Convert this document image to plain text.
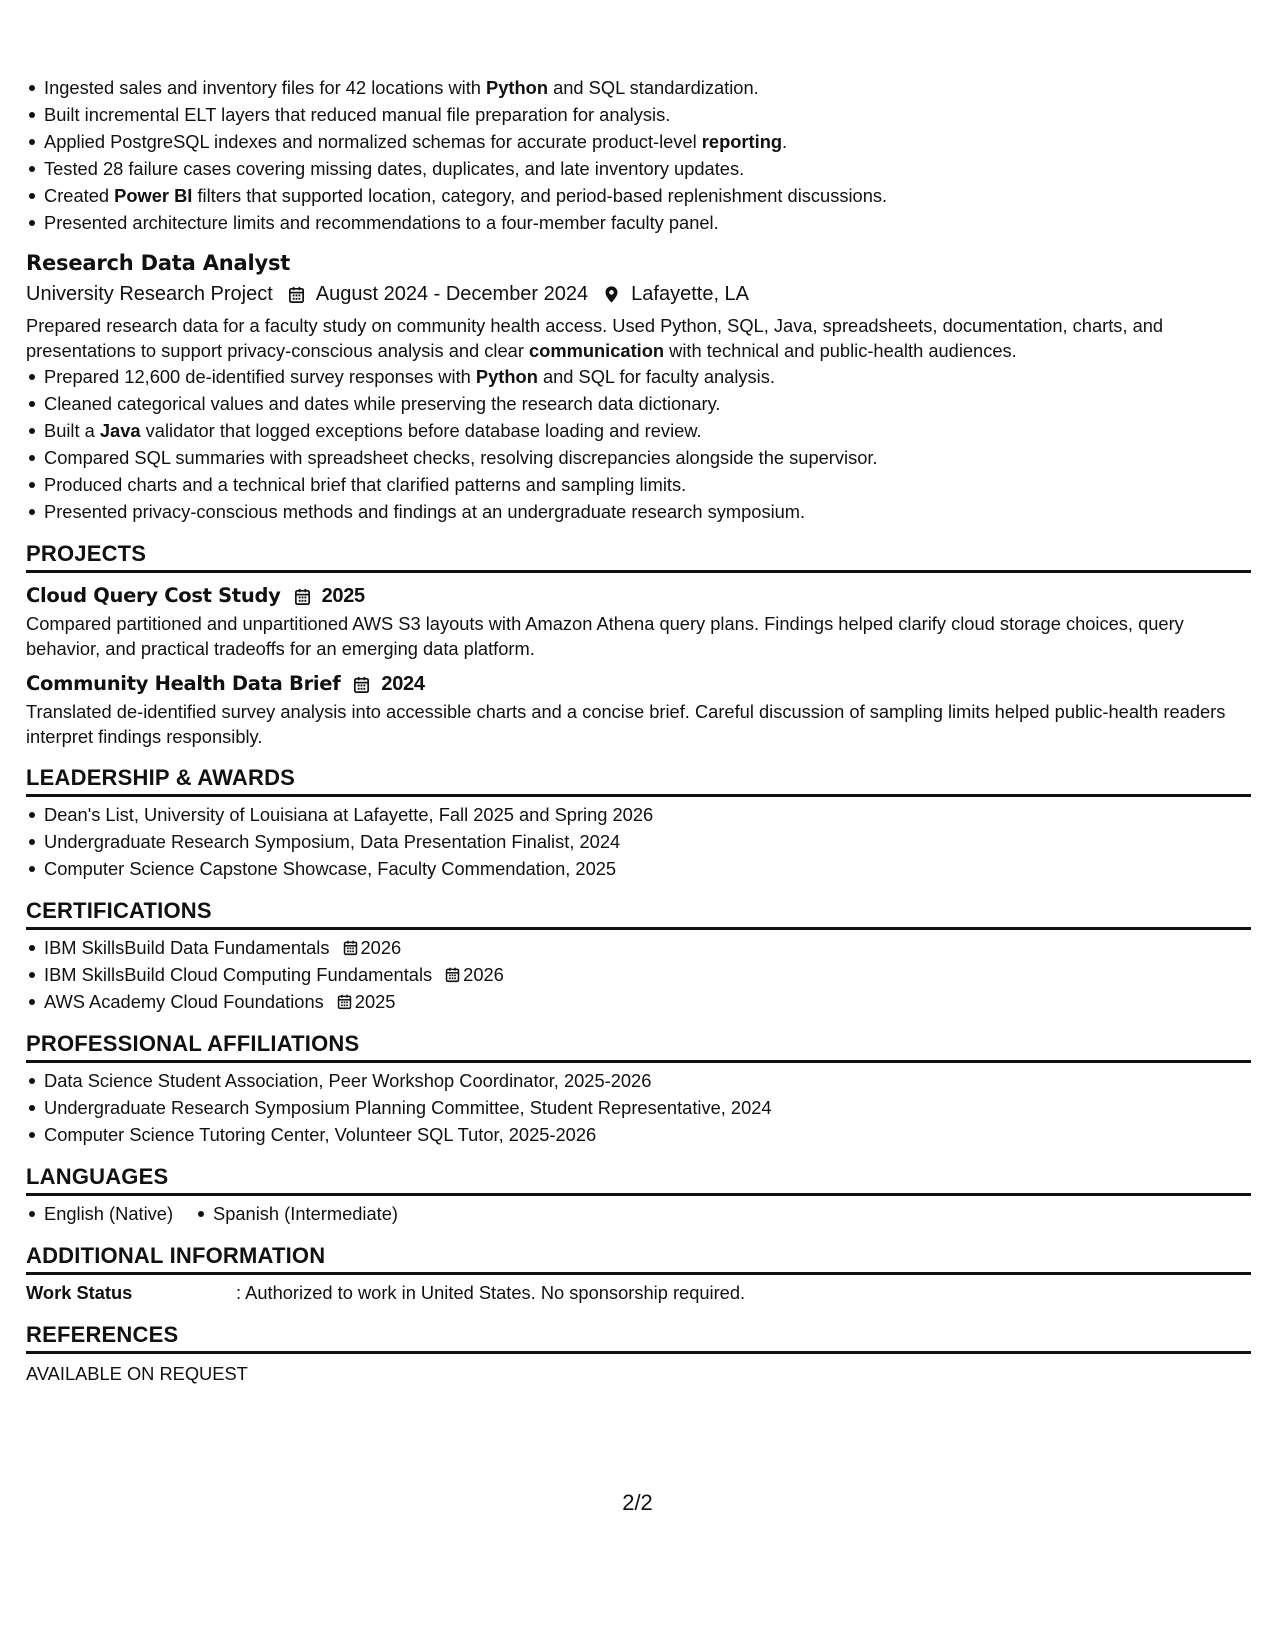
Ingested sales and inventory files for 42 locations with Python and SQL standardization.
Built incremental ELT layers that reduced manual file preparation for analysis.
Applied PostgreSQL indexes and normalized schemas for accurate product-level reporting.
Tested 28 failure cases covering missing dates, duplicates, and late inventory updates.
Created Power BI filters that supported location, category, and period-based replenishment discussions.
Presented architecture limits and recommendations to a four-member faculty panel.
Research Data Analyst
University Research Project August 2024 - December 2024 Lafayette, LA
Prepared research data for a faculty study on community health access. Used Python, SQL, Java, spreadsheets, documentation, charts, and presentations to support privacy-conscious analysis and clear communication with technical and public-health audiences.
Prepared 12,600 de-identified survey responses with Python and SQL for faculty analysis.
Cleaned categorical values and dates while preserving the research data dictionary.
Built a Java validator that logged exceptions before database loading and review.
Compared SQL summaries with spreadsheet checks, resolving discrepancies alongside the supervisor.
Produced charts and a technical brief that clarified patterns and sampling limits.
Presented privacy-conscious methods and findings at an undergraduate research symposium.
PROJECTS
Cloud Query Cost Study 2025
Compared partitioned and unpartitioned AWS S3 layouts with Amazon Athena query plans. Findings helped clarify cloud storage choices, query behavior, and practical tradeoffs for an emerging data platform.
Community Health Data Brief 2024
Translated de-identified survey analysis into accessible charts and a concise brief. Careful discussion of sampling limits helped public-health readers interpret findings responsibly.
LEADERSHIP & AWARDS
Dean's List, University of Louisiana at Lafayette, Fall 2025 and Spring 2026
Undergraduate Research Symposium, Data Presentation Finalist, 2024
Computer Science Capstone Showcase, Faculty Commendation, 2025
CERTIFICATIONS
IBM SkillsBuild Data Fundamentals 2026
IBM SkillsBuild Cloud Computing Fundamentals 2026
AWS Academy Cloud Foundations 2025
PROFESSIONAL AFFILIATIONS
Data Science Student Association, Peer Workshop Coordinator, 2025-2026
Undergraduate Research Symposium Planning Committee, Student Representative, 2024
Computer Science Tutoring Center, Volunteer SQL Tutor, 2025-2026
LANGUAGES
English (Native) Spanish (Intermediate)
ADDITIONAL INFORMATION
Work Status	: Authorized to work in United States. No sponsorship required.
REFERENCES
AVAILABLE ON REQUEST
2/2
